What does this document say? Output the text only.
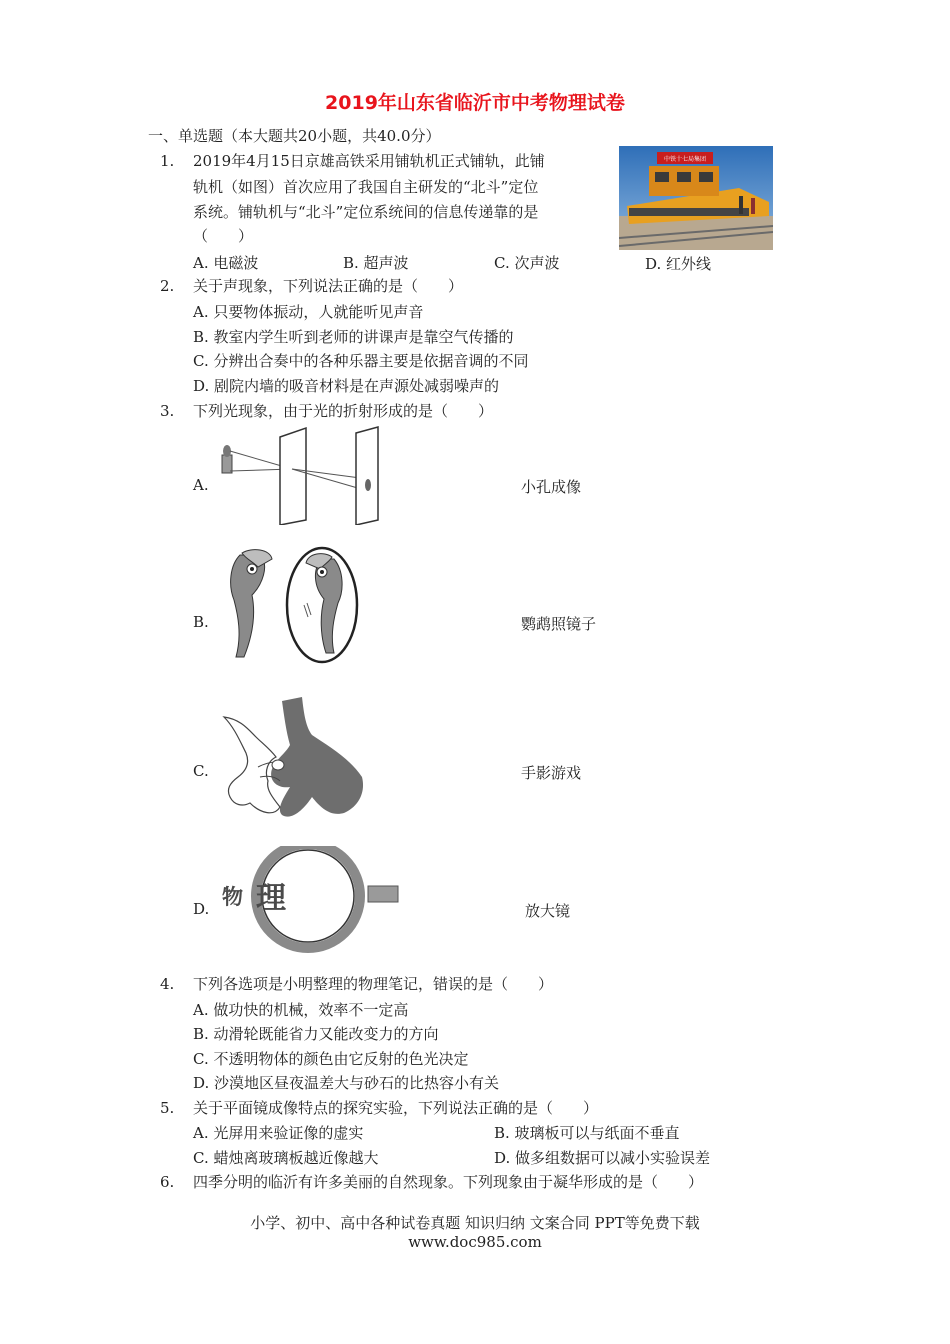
2019年山东省临沂市中考物理试卷
一、单选题（本大题共20小题，共40.0分）
1. 2019年4月15日京雄高铁采用铺轨机正式铺轨，此铺
轨机（如图）首次应用了我国自主研发的“北斗”定位
系统。铺轨机与“北斗”定位系统间的信息传递靠的是
（　　）
A. 电磁波	B. 超声波	C. 次声波	D. 红外线
中铁十七局集团
2. 关于声现象，下列说法正确的是（　　）
A. 只要物体振动，人就能听见声音
B. 教室内学生听到老师的讲课声是靠空气传播的
C. 分辨出合奏中的各种乐器主要是依据音调的不同
D. 剧院内墙的吸音材料是在声源处减弱噪声的
3. 下列光现象，由于光的折射形成的是（　　）
A.	小孔成像
B.	鹦鹉照镜子
C.	手影游戏
D. 物 理	放大镜
4. 下列各选项是小明整理的物理笔记，错误的是（　　）
A. 做功快的机械，效率不一定高
B. 动滑轮既能省力又能改变力的方向
C. 不透明物体的颜色由它反射的色光决定
D. 沙漠地区昼夜温差大与砂石的比热容小有关
5. 关于平面镜成像特点的探究实验，下列说法正确的是（　　）
A. 光屏用来验证像的虚实	B. 玻璃板可以与纸面不垂直
C. 蜡烛离玻璃板越近像越大	D. 做多组数据可以减小实验误差
6. 四季分明的临沂有许多美丽的自然现象。下列现象由于凝华形成的是（　　）
小学、初中、高中各种试卷真题 知识归纳 文案合同 PPT等免费下载
www.doc985.com
